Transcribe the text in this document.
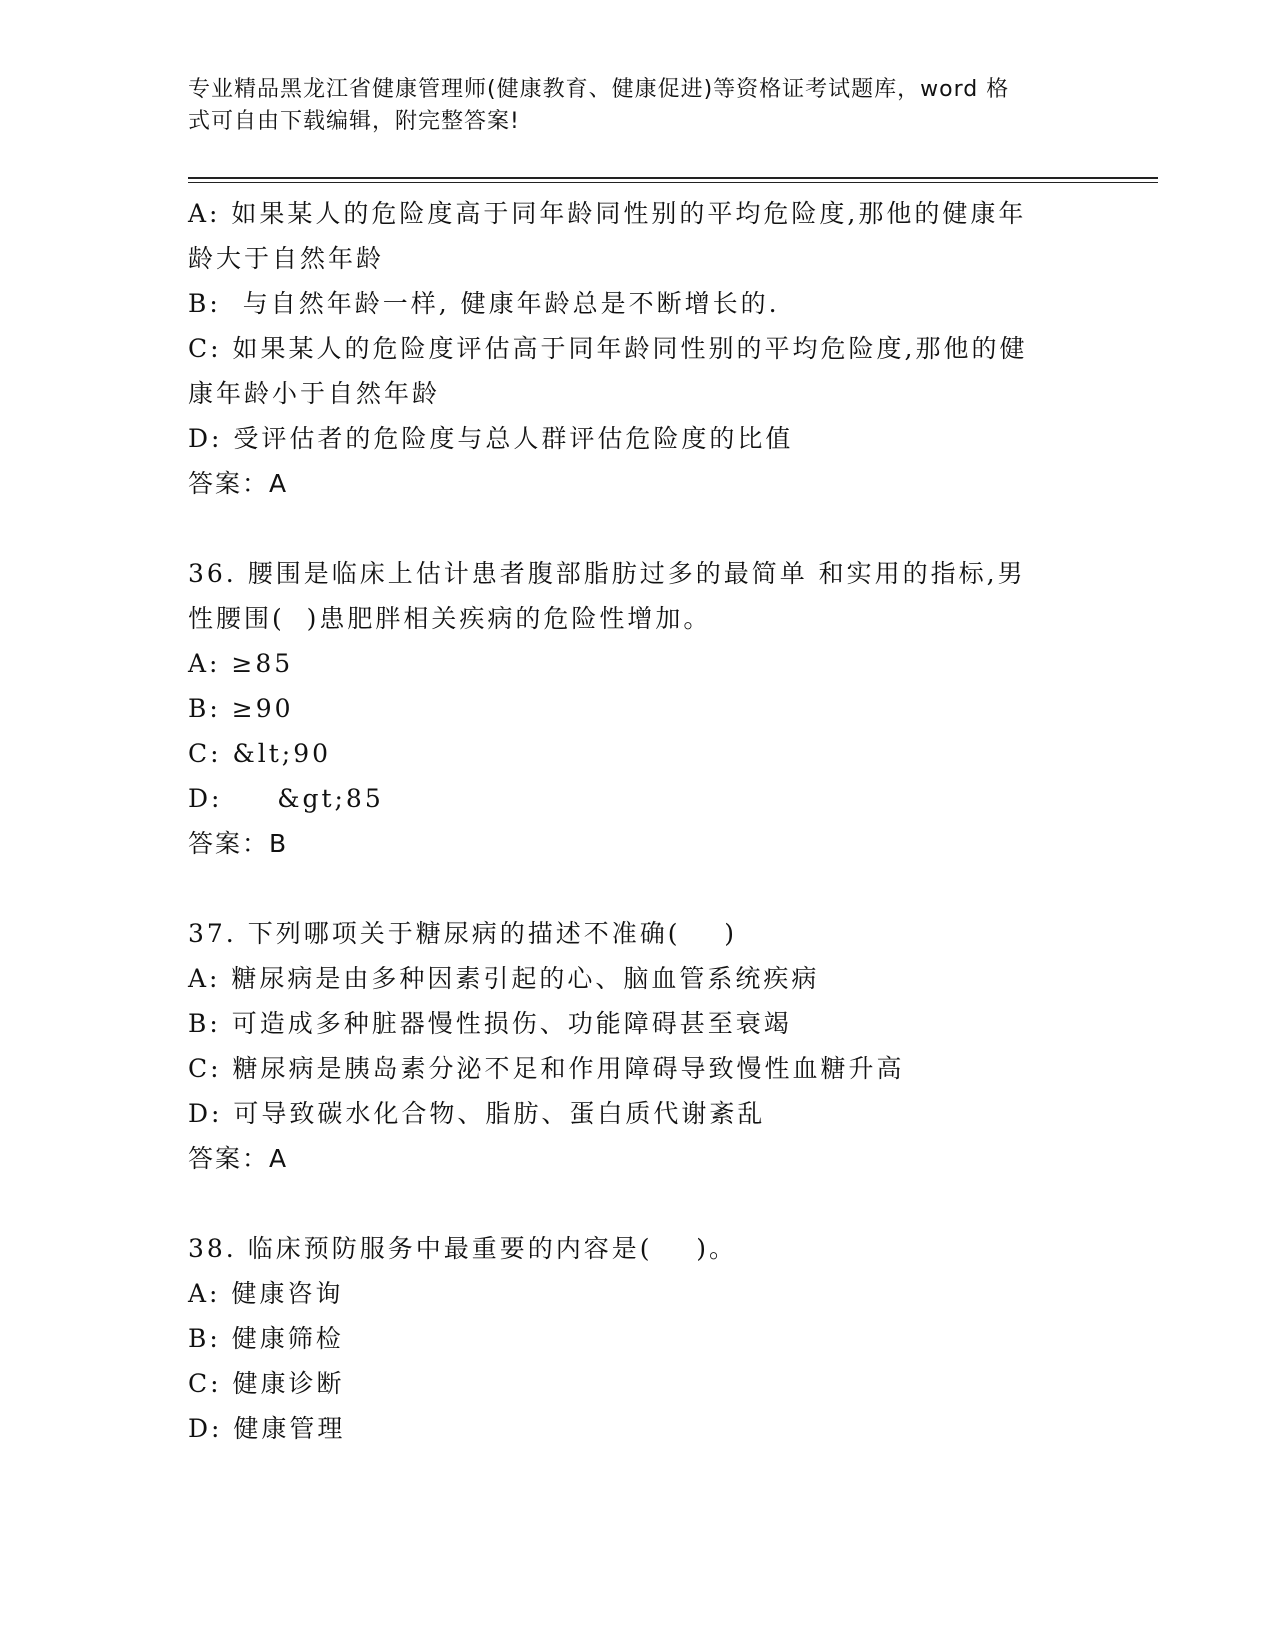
专业精品黑龙江省健康管理师(健康教育、健康促进)等资格证考试题库，word 格
式可自由下载编辑，附完整答案!
A: 如果某人的危险度高于同年龄同性别的平均危险度,那他的健康年
龄大于自然年龄
B:  与自然年龄一样, 健康年龄总是不断增长的.
C: 如果某人的危险度评估高于同年龄同性别的平均危险度,那他的健
康年龄小于自然年龄
D: 受评估者的危险度与总人群评估危险度的比值
答案：A
36. 腰围是临床上估计患者腹部脂肪过多的最简单 和实用的指标,男
性腰围(  )患肥胖相关疾病的危险性增加。
A: ≥85
B: ≥90
C: &lt;90
D:     &gt;85
答案：B
37. 下列哪项关于糖尿病的描述不准确(    )
A: 糖尿病是由多种因素引起的心、脑血管系统疾病
B: 可造成多种脏器慢性损伤、功能障碍甚至衰竭
C: 糖尿病是胰岛素分泌不足和作用障碍导致慢性血糖升高
D: 可导致碳水化合物、脂肪、蛋白质代谢紊乱
答案：A
38. 临床预防服务中最重要的内容是(    )。
A: 健康咨询
B: 健康筛检
C: 健康诊断
D: 健康管理
